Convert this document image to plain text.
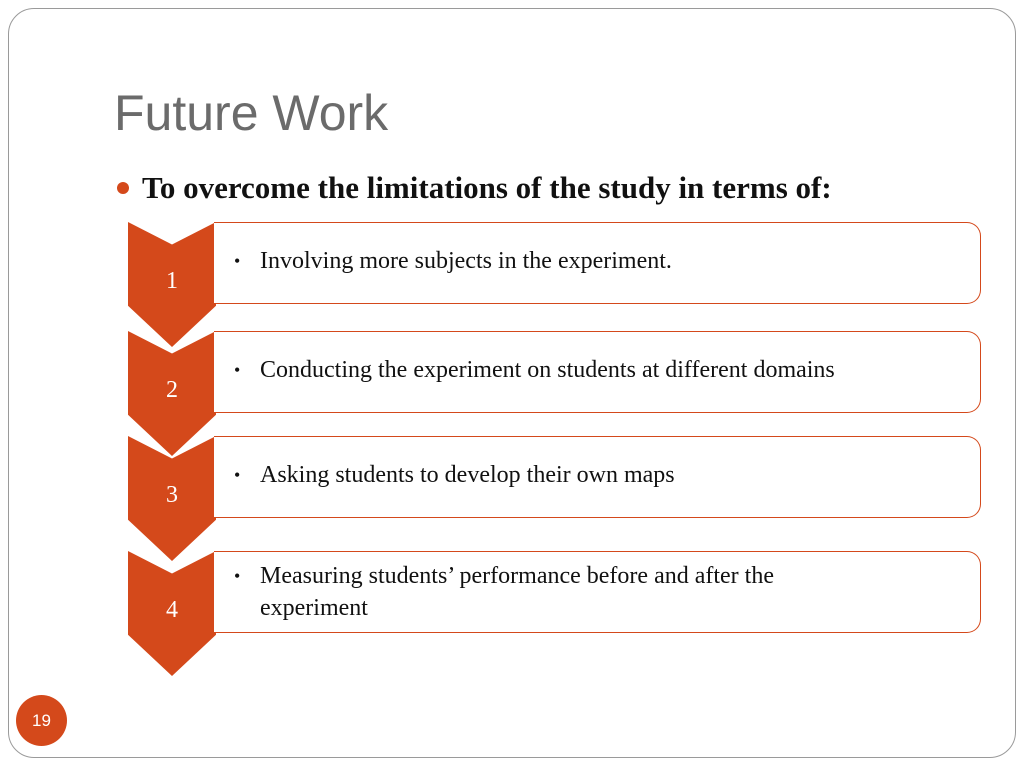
Future Work
To overcome the limitations of the study in terms of:
1
• Involving more subjects in the experiment.
2
• Conducting the experiment on students at different domains
3
• Asking students to develop their own maps
4
• Measuring students’ performance before and after the experiment
19
